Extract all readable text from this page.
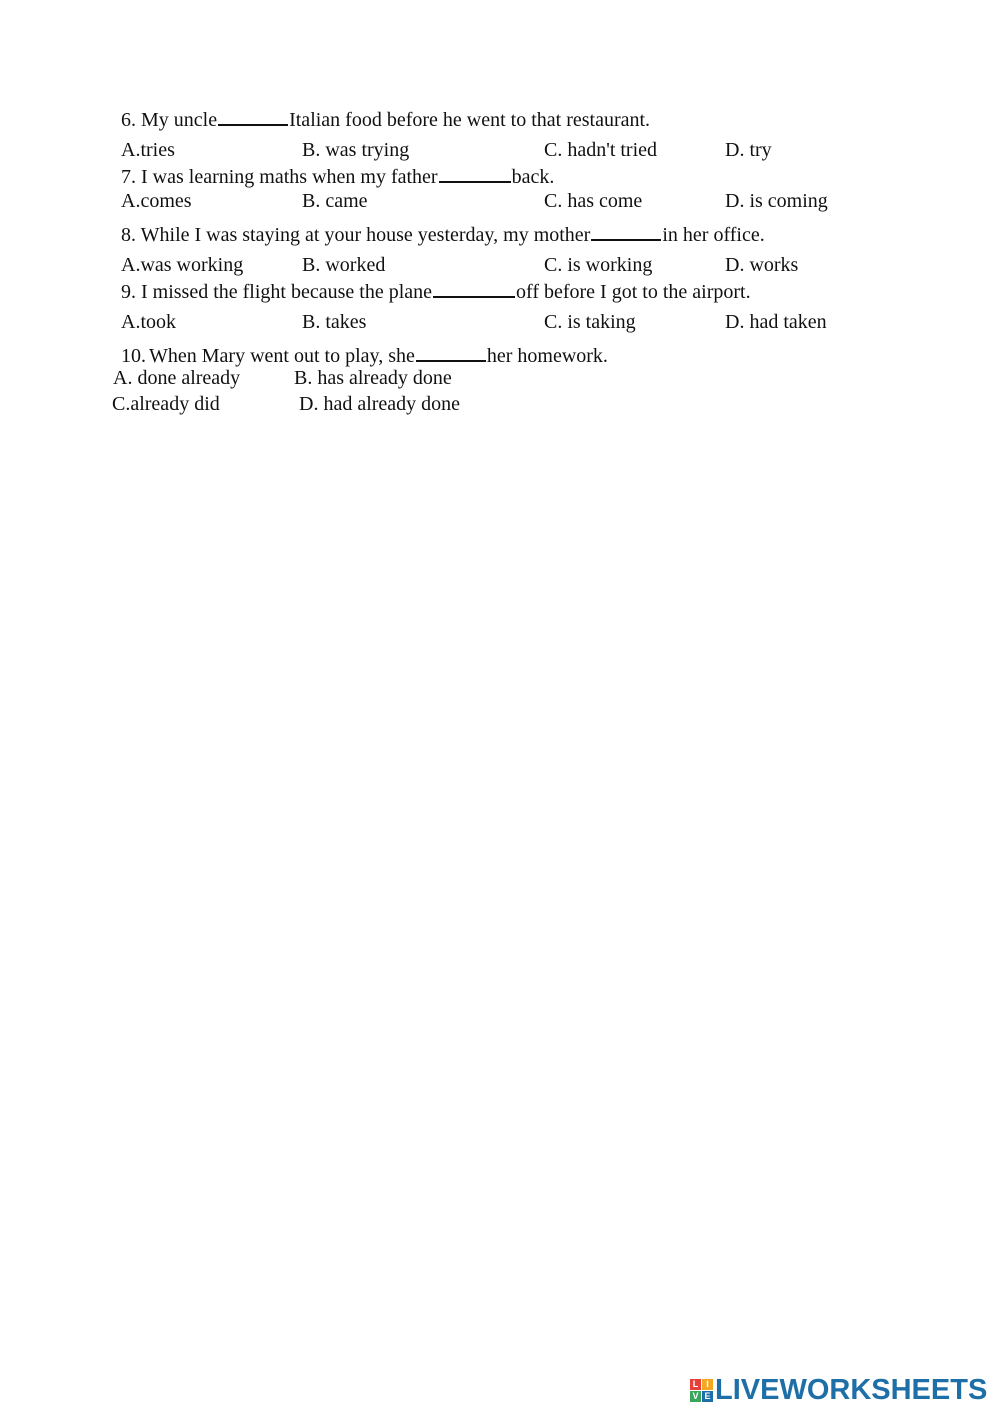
6. My uncle	Italian food before he went to that restaurant.
A.tries	B. was trying	C. hadn't tried	D. try
7. I was learning maths when my father	back.
A.comes	B. came	C. has come	D. is coming
8. While I was staying at your house yesterday, my mother	in her office.
A.was working	B. worked	C. is working	D. works
9. I missed the flight because the plane	off before I got to the airport.
A.took	B. takes	C. is taking	D. had taken
10. When Mary went out to play, she	her homework.
A. done already	B. has already done
C.already did	D. had already done
L I
V E LIVEWORKSHEETS
